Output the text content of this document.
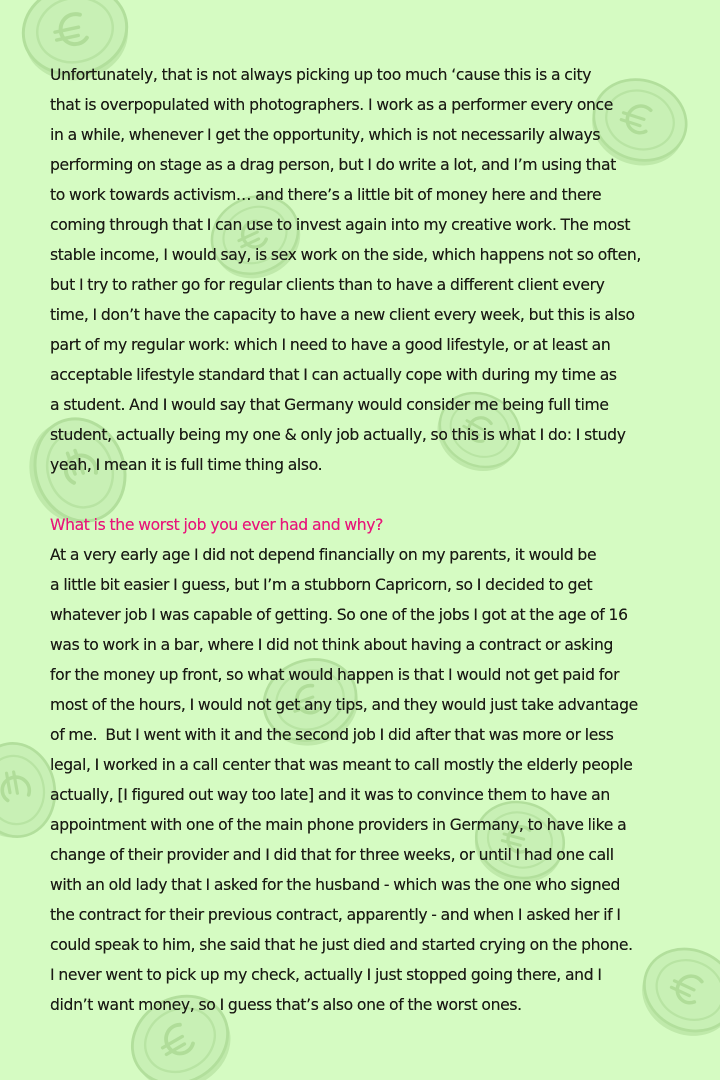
Unfortunately, that is not always picking up too much ‘cause this is a city
that is overpopulated with photographers. I work as a performer every once
in a while, whenever I get the opportunity, which is not necessarily always
performing on stage as a drag person, but I do write a lot, and I’m using that
to work towards activism… and there’s a little bit of money here and there
coming through that I can use to invest again into my creative work. The most
stable income, I would say, is sex work on the side, which happens not so often,
but I try to rather go for regular clients than to have a different client every
time, I don’t have the capacity to have a new client every week, but this is also
part of my regular work: which I need to have a good lifestyle, or at least an
acceptable lifestyle standard that I can actually cope with during my time as
a student. And I would say that Germany would consider me being full time
student, actually being my one & only job actually, so this is what I do: I study
yeah, I mean it is full time thing also.
What is the worst job you ever had and why?
At a very early age I did not depend financially on my parents, it would be
a little bit easier I guess, but I’m a stubborn Capricorn, so I decided to get
whatever job I was capable of getting. So one of the jobs I got at the age of 16
was to work in a bar, where I did not think about having a contract or asking
for the money up front, so what would happen is that I would not get paid for
most of the hours, I would not get any tips, and they would just take advantage
of me.  But I went with it and the second job I did after that was more or less
legal, I worked in a call center that was meant to call mostly the elderly people
actually, [I figured out way too late] and it was to convince them to have an
appointment with one of the main phone providers in Germany, to have like a
change of their provider and I did that for three weeks, or until I had one call
with an old lady that I asked for the husband - which was the one who signed
the contract for their previous contract, apparently - and when I asked her if I
could speak to him, she said that he just died and started crying on the phone.
I never went to pick up my check, actually I just stopped going there, and I
didn’t want money, so I guess that’s also one of the worst ones.
